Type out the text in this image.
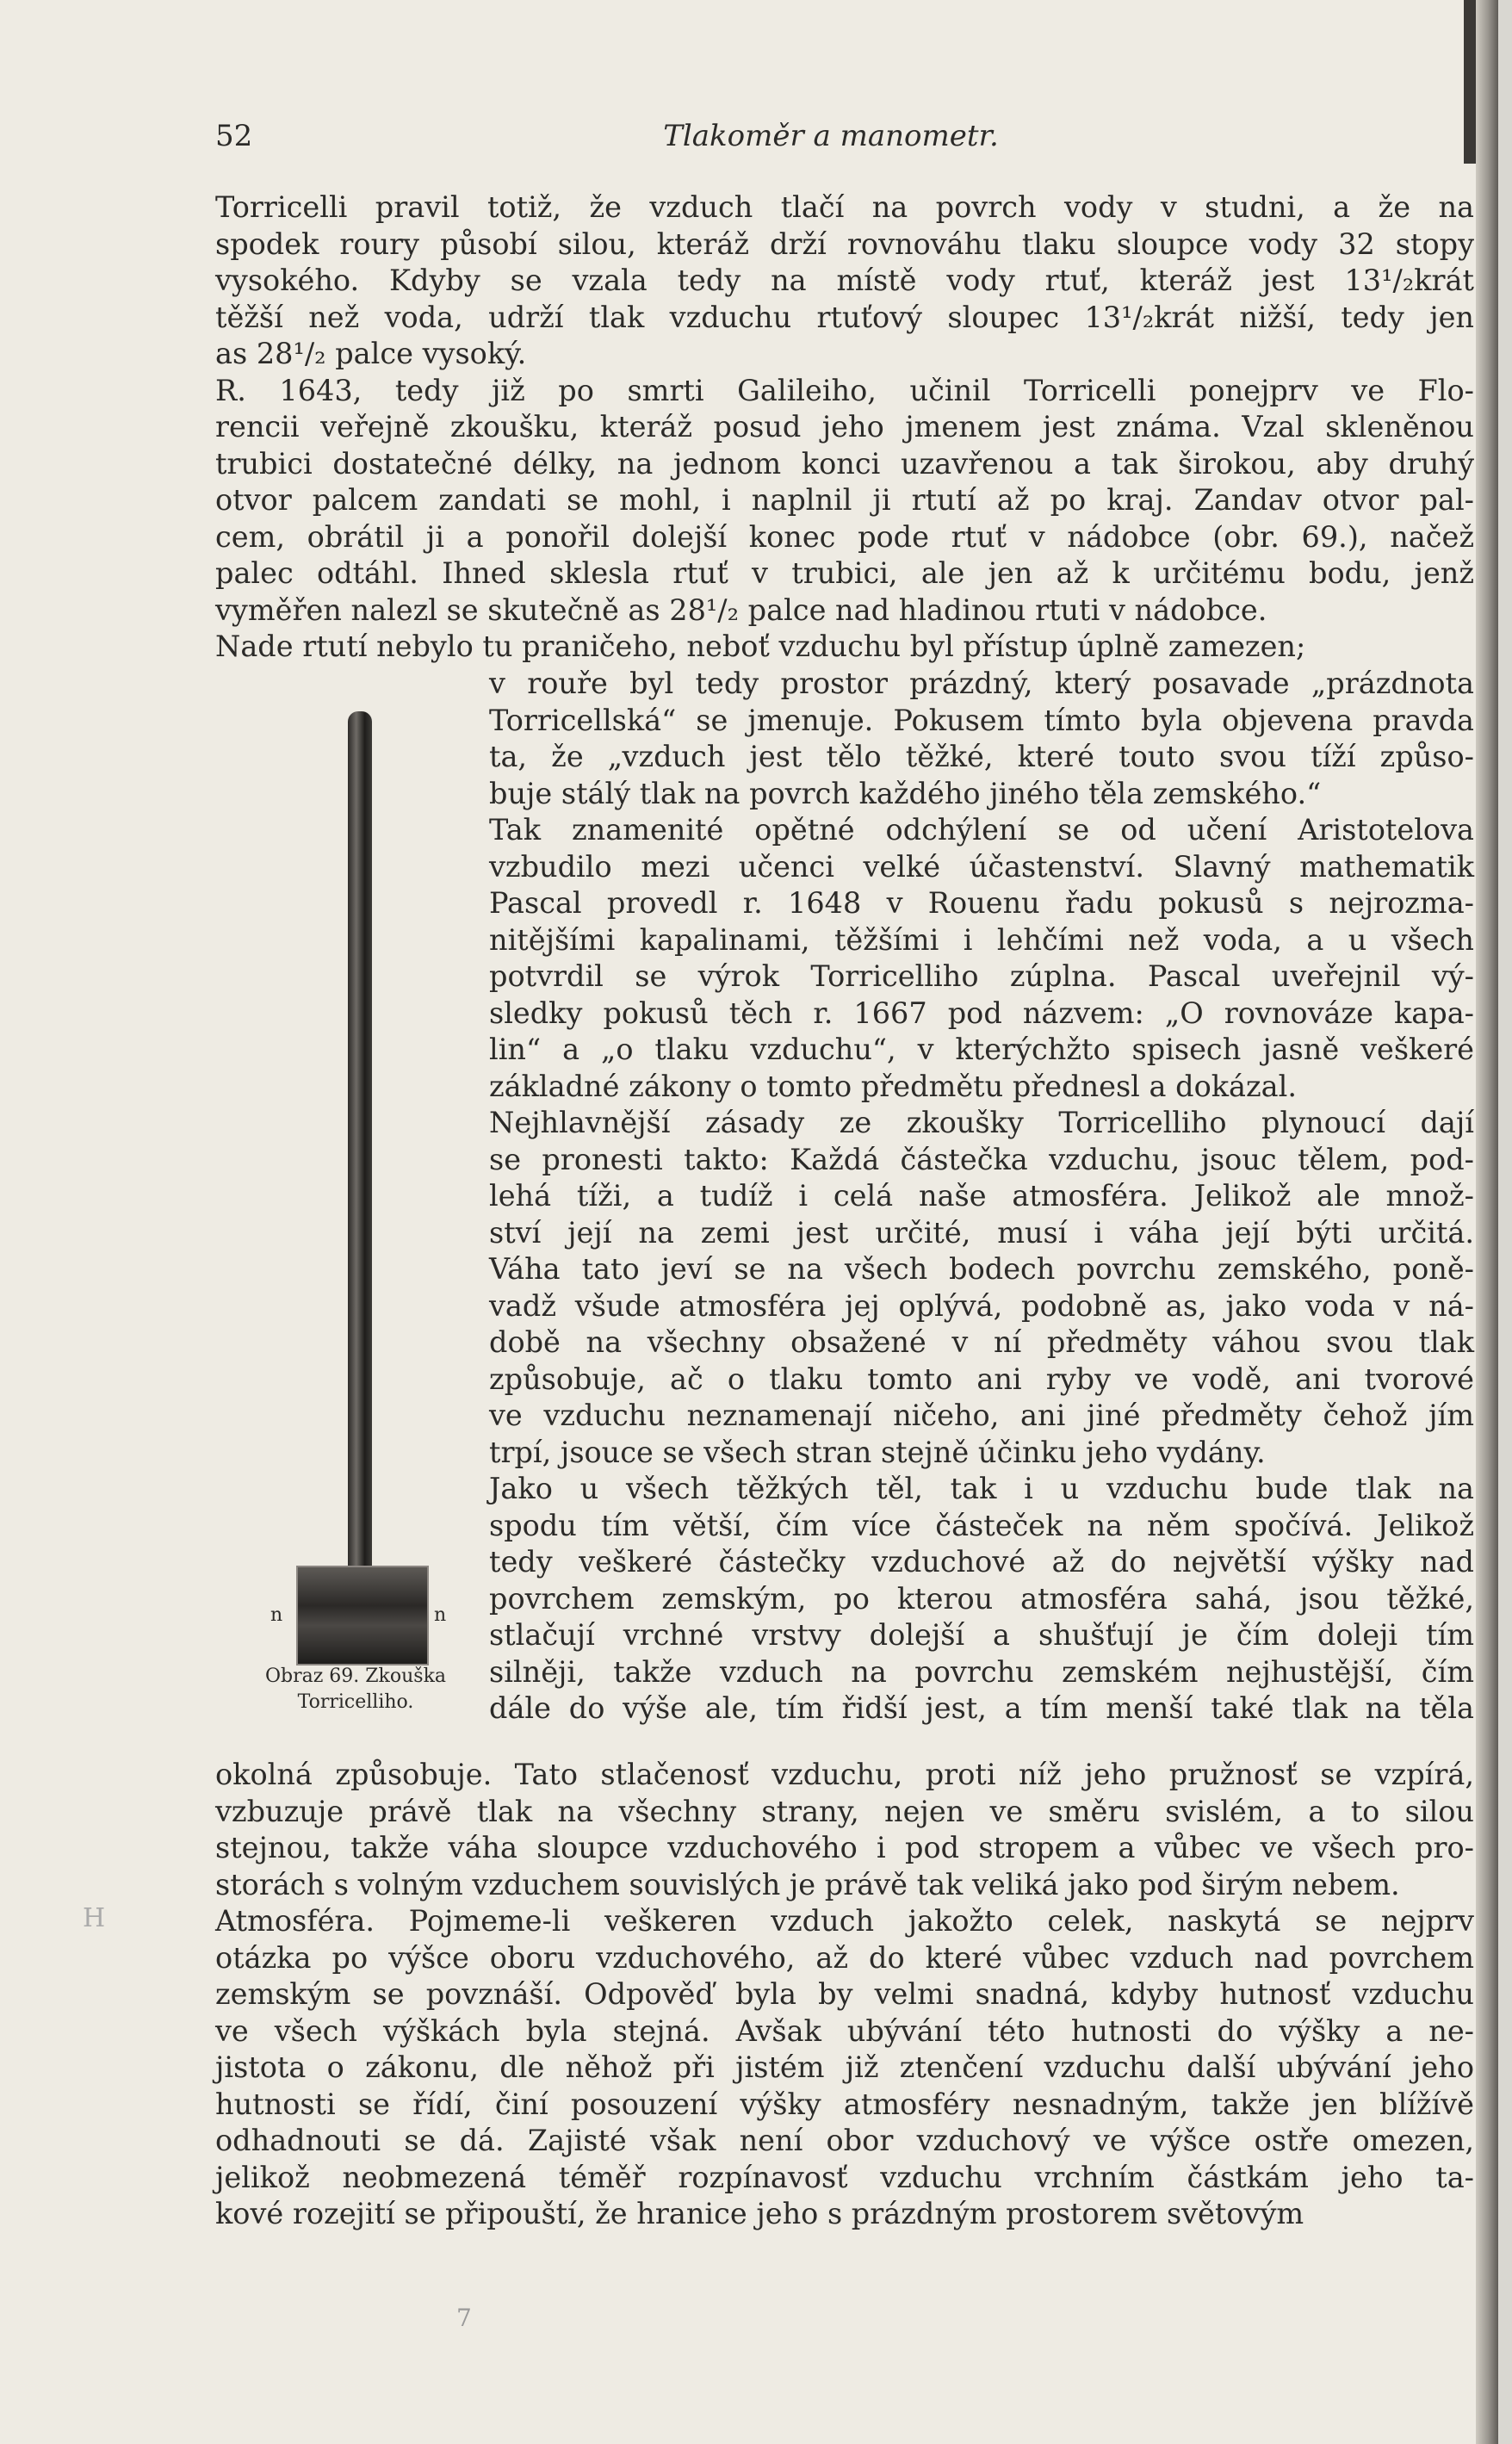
52	Tlakoměr a manometr.
Torricelli pravil totiž, že vzduch tlačí na povrch vody v studni, a že na
spodek roury působí silou, kteráž drží rovnováhu tlaku sloupce vody 32 stopy
vysokého. Kdyby se vzala tedy na místě vody rtuť, kteráž jest 13¹/₂krát
těžší než voda, udrží tlak vzduchu rtuťový sloupec 13¹/₂krát nižší, tedy jen
as 28¹/₂ palce vysoký.
R. 1643, tedy již po smrti Galileiho, učinil Torricelli ponejprv ve Flo-
rencii veřejně zkoušku, kteráž posud jeho jmenem jest známa. Vzal skleněnou
trubici dostatečné délky, na jednom konci uzavřenou a tak širokou, aby druhý
otvor palcem zandati se mohl, i naplnil ji rtutí až po kraj. Zandav otvor pal-
cem, obrátil ji a ponořil dolejší konec pode rtuť v nádobce (obr. 69.), načež
palec odtáhl. Ihned sklesla rtuť v trubici, ale jen až k určitému bodu, jenž
vyměřen nalezl se skutečně as 28¹/₂ palce nad hladinou rtuti v nádobce.
Nade rtutí nebylo tu praničeho, neboť vzduchu byl přístup úplně zamezen;
v rouře byl tedy prostor prázdný, který posavade „prázdnota
Torricellská“ se jmenuje. Pokusem tímto byla objevena pravda
ta, že „vzduch jest tělo těžké, které touto svou tíží způso-
buje stálý tlak na povrch každého jiného těla zemského.“
Tak znamenité opětné odchýlení se od učení Aristotelova
vzbudilo mezi učenci velké účastenství. Slavný mathematik
Pascal provedl r. 1648 v Rouenu řadu pokusů s nejrozma-
nitějšími kapalinami, těžšími i lehčími než voda, a u všech
potvrdil se výrok Torricelliho zúplna. Pascal uveřejnil vý-
sledky pokusů těch r. 1667 pod názvem: „O rovnováze kapa-
lin“ a „o tlaku vzduchu“, v kterýchžto spisech jasně veškeré
základné zákony o tomto předmětu přednesl a dokázal.
Nejhlavnější zásady ze zkoušky Torricelliho plynoucí dají
se pronesti takto: Každá částečka vzduchu, jsouc tělem, pod-
lehá tíži, a tudíž i celá naše atmosféra. Jelikož ale množ-
ství její na zemi jest určité, musí i váha její býti určitá.
Váha tato jeví se na všech bodech povrchu zemského, poně-
vadž všude atmosféra jej oplývá, podobně as, jako voda v ná-
době na všechny obsažené v ní předměty váhou svou tlak
způsobuje, ač o tlaku tomto ani ryby ve vodě, ani tvorové
ve vzduchu neznamenají ničeho, ani jiné předměty čehož jím
trpí, jsouce se všech stran stejně účinku jeho vydány.
Jako u všech těžkých těl, tak i u vzduchu bude tlak na
spodu tím větší, čím více částeček na něm spočívá. Jelikož
tedy veškeré částečky vzduchové až do největší výšky nad
povrchem zemským, po kterou atmosféra sahá, jsou těžké,
stlačují vrchné vrstvy dolejší a shušťují je čím doleji tím
silněji, takže vzduch na povrchu zemském nejhustější, čím
dále do výše ale, tím řidší jest, a tím menší také tlak na těla
okolná způsobuje. Tato stlačenosť vzduchu, proti níž jeho pružnosť se vzpírá,
vzbuzuje právě tlak na všechny strany, nejen ve směru svislém, a to silou
stejnou, takže váha sloupce vzduchového i pod stropem a vůbec ve všech pro-
storách s volným vzduchem souvislých je právě tak veliká jako pod širým nebem.
Atmosféra. Pojmeme-li veškeren vzduch jakožto celek, naskytá se nejprv
otázka po výšce oboru vzduchového, až do které vůbec vzduch nad povrchem
zemským se povznáší. Odpověď byla by velmi snadná, kdyby hutnosť vzduchu
ve všech výškách byla stejná. Avšak ubývání této hutnosti do výšky a ne-
jistota o zákonu, dle něhož při jistém již ztenčení vzduchu další ubývání jeho
hutnosti se řídí, činí posouzení výšky atmosféry nesnadným, takže jen blížívě
odhadnouti se dá. Zajisté však není obor vzduchový ve výšce ostře omezen,
jelikož neobmezená téměř rozpínavosť vzduchu vrchním částkám jeho ta-
kové rozejití se připouští, že hranice jeho s prázdným prostorem světovým
n	n
Obraz 69. Zkouška
Torricelliho.
H
7
